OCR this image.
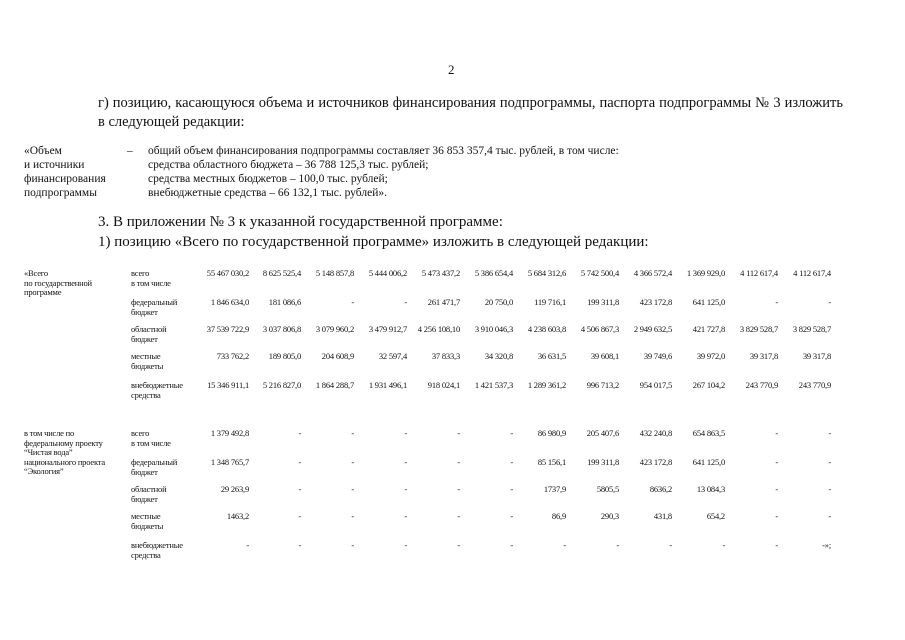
2
г) позицию, касающуюся объема и источников финансирования подпрограммы, паспорта подпрограммы № 3 изложить в следующей редакции:
«Объем
и источники
финансирования
подпрограммы
– общий объем финансирования подпрограммы составляет 36 853 357,4 тыс. рублей, в том числе:
средства областного бюджета – 36 788 125,3 тыс. рублей;
средства местных бюджетов – 100,0 тыс. рублей;
внебюджетные средства – 66 132,1 тыс. рублей».
3. В приложении № 3 к указанной государственной программе:
1) позицию «Всего по государственной программе» изложить в следующей редакции:
«Всего
по государственной
программе
всего
в том числе
55 467 030,2	8 625 525,4	5 148 857,8	5 444 006,2	5 473 437,2	5 386 654,4	5 684 312,6	5 742 500,4	4 366 572,4	1 369 929,0	4 112 617,4	4 112 617,4
федеральный
бюджет
1 846 634,0	181 086,6	-	-	261 471,7	20 750,0	119 716,1	199 311,8	423 172,8	641 125,0	-	-
областной
бюджет
37 539 722,9	3 037 806,8	3 079 960,2	3 479 912,7	4 256 108,10	3 910 046,3	4 238 603,8	4 506 867,3	2 949 632,5	421 727,8	3 829 528,7	3 829 528,7
местные
бюджеты
733 762,2	189 805,0	204 608,9	32 597,4	37 833,3	34 320,8	36 631,5	39 608,1	39 749,6	39 972,0	39 317,8	39 317,8
внебюджетные
средства
15 346 911,1	5 216 827,0	1 864 288,7	1 931 496,1	918 024,1	1 421 537,3	1 289 361,2	996 713,2	954 017,5	267 104,2	243 770,9	243 770,9
в том числе по
федеральному проекту
“Чистая вода”
национального проекта
“Экология”
всего
в том числе
1 379 492,8	-	-	-	-	-	86 980,9	205 407,6	432 240,8	654 863,5	-	-
федеральный
бюджет
1 348 765,7	-	-	-	-	-	85 156,1	199 311,8	423 172,8	641 125,0	-	-
областной
бюджет
29 263,9	-	-	-	-	-	1737,9	5805,5	8636,2	13 084,3	-	-
местные
бюджеты
1463,2	-	-	-	-	-	86,9	290,3	431,8	654,2	-	-
внебюджетные
средства
-	-	-	-	-	-	-	-	-	-	-	-»;
